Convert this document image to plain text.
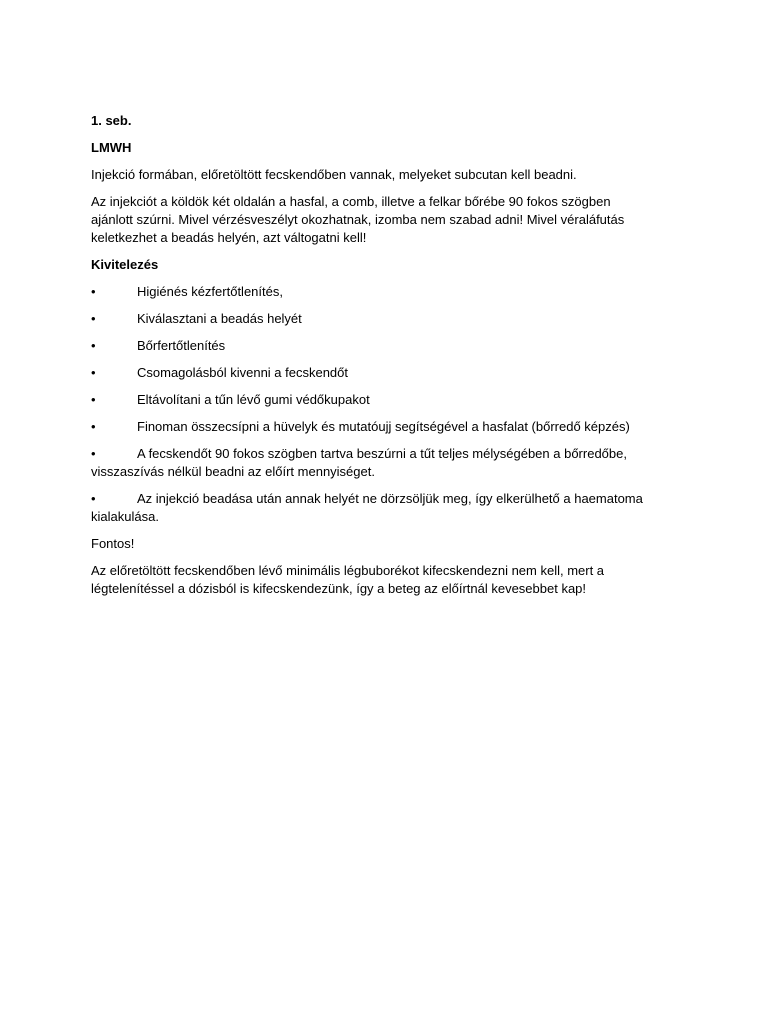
1. seb.

LMWH

Injekció formában, előretöltött fecskendőben vannak, melyeket subcutan kell beadni.

Az injekciót a köldök két oldalán a hasfal, a comb, illetve a felkar bőrébe 90 fokos szögben ajánlott szúrni. Mivel vérzésveszélyt okozhatnak, izomba nem szabad adni! Mivel véraláfutás keletkezhet a beadás helyén, azt váltogatni kell!

Kivitelezés

•	Higiénés kézfertőtlenítés,

•	Kiválasztani a beadás helyét

•	Bőrfertőtlenítés

•	Csomagolásból kivenni a fecskendőt

•	Eltávolítani a tűn lévő gumi védőkupakot

•	Finoman összecsípni a hüvelyk és mutatóujj segítségével a hasfalat (bőrredő képzés)

•	A fecskendőt 90 fokos szögben tartva beszúrni a tűt teljes mélységében a bőrredőbe, visszaszívás nélkül beadni az előírt mennyiséget.

•	Az injekció beadása után annak helyét ne dörzsöljük meg, így elkerülhető a haematoma kialakulása.

Fontos!

Az előretöltött fecskendőben lévő minimális légbuborékot kifecskendezni nem kell, mert a légtelenítéssel a dózisból is kifecskendezünk, így a beteg az előírtnál kevesebbet kap!
